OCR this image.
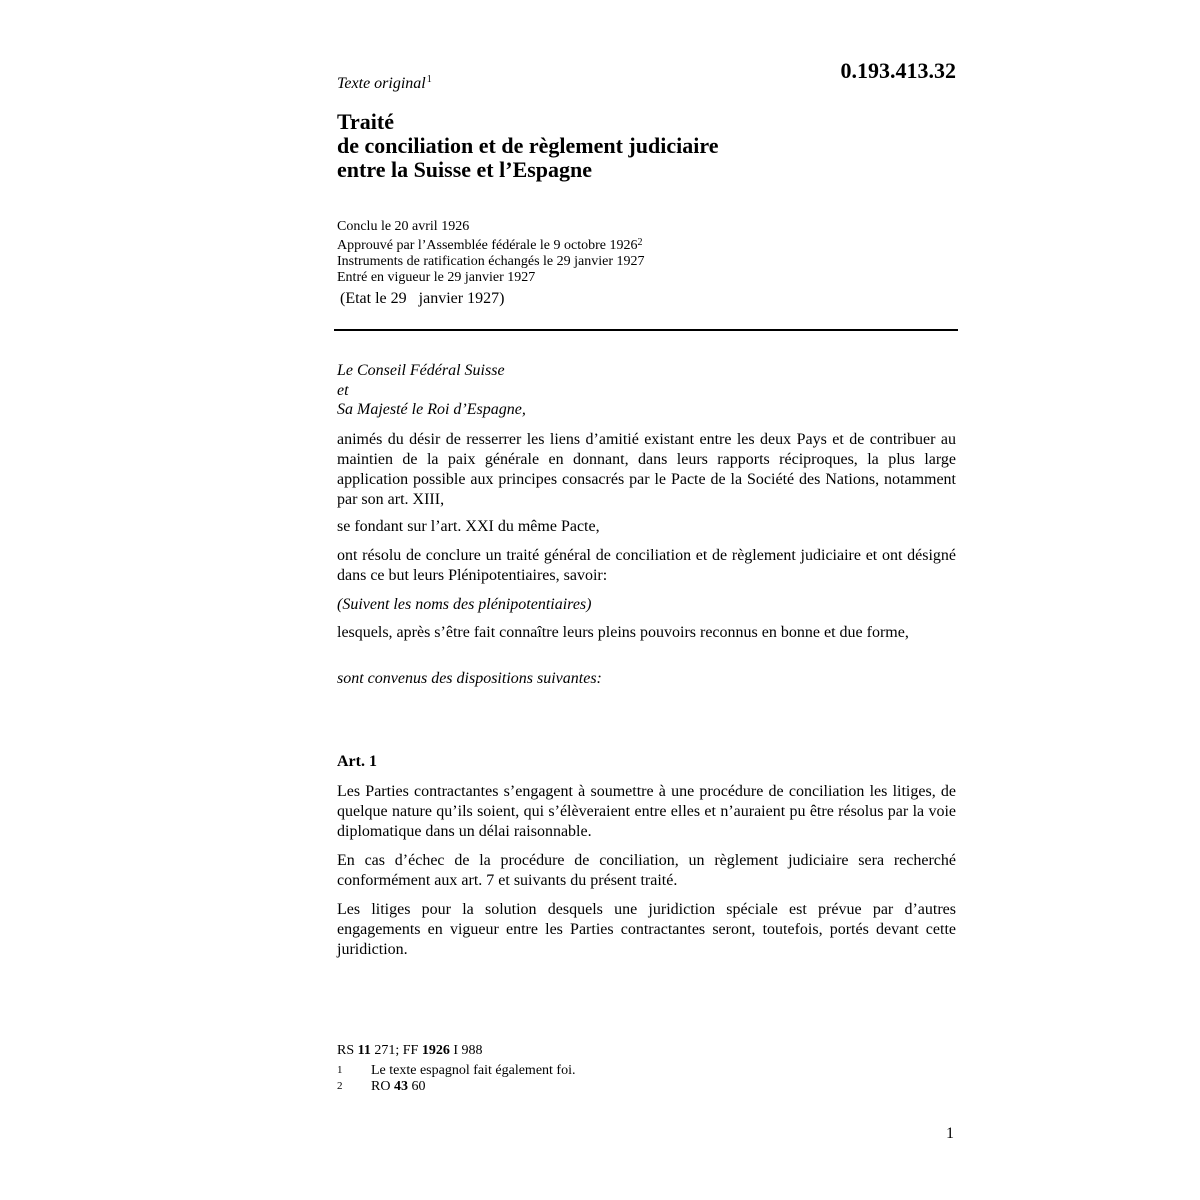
0.193.413.32
Texte original$^1$
Traité
de conciliation et de règlement judiciaire
entre la Suisse et l’Espagne
Conclu le 20 avril 1926
Approuvé par l’Assemblée fédérale le 9 octobre 1926$^2$
Instruments de ratification échangés le 29 janvier 1927
Entré en vigueur le 29 janvier 1927
(Etat le 29   janvier 1927)
Le Conseil Fédéral Suisse
et
Sa Majesté le Roi d’Espagne,
animés du désir de resserrer les liens d’amitié existant entre les deux Pays et de contribuer au maintien de la paix générale en donnant, dans leurs rapports réciproques, la plus large application possible aux principes consacrés par le Pacte de la Société des Nations, notamment par son art. XIII,
se fondant sur l’art. XXI du même Pacte,
ont résolu de conclure un traité général de conciliation et de règlement judiciaire et ont désigné dans ce but leurs Plénipotentiaires, savoir:
(Suivent les noms des plénipotentiaires)
lesquels, après s’être fait connaître leurs pleins pouvoirs reconnus en bonne et due forme,
sont convenus des dispositions suivantes:
Art. 1
Les Parties contractantes s’engagent à soumettre à une procédure de conciliation les litiges, de quelque nature qu’ils soient, qui s’élèveraient entre elles et n’auraient pu être résolus par la voie diplomatique dans un délai raisonnable.
En cas d’échec de la procédure de conciliation, un règlement judiciaire sera recherché conformément aux art. 7 et suivants du présent traité.
Les litiges pour la solution desquels une juridiction spéciale est prévue par d’autres engagements en vigueur entre les Parties contractantes seront, toutefois, portés devant cette juridiction.
RS 11 271; FF 1926 I 988
1	Le texte espagnol fait également foi.
2	RO 43 60
1
